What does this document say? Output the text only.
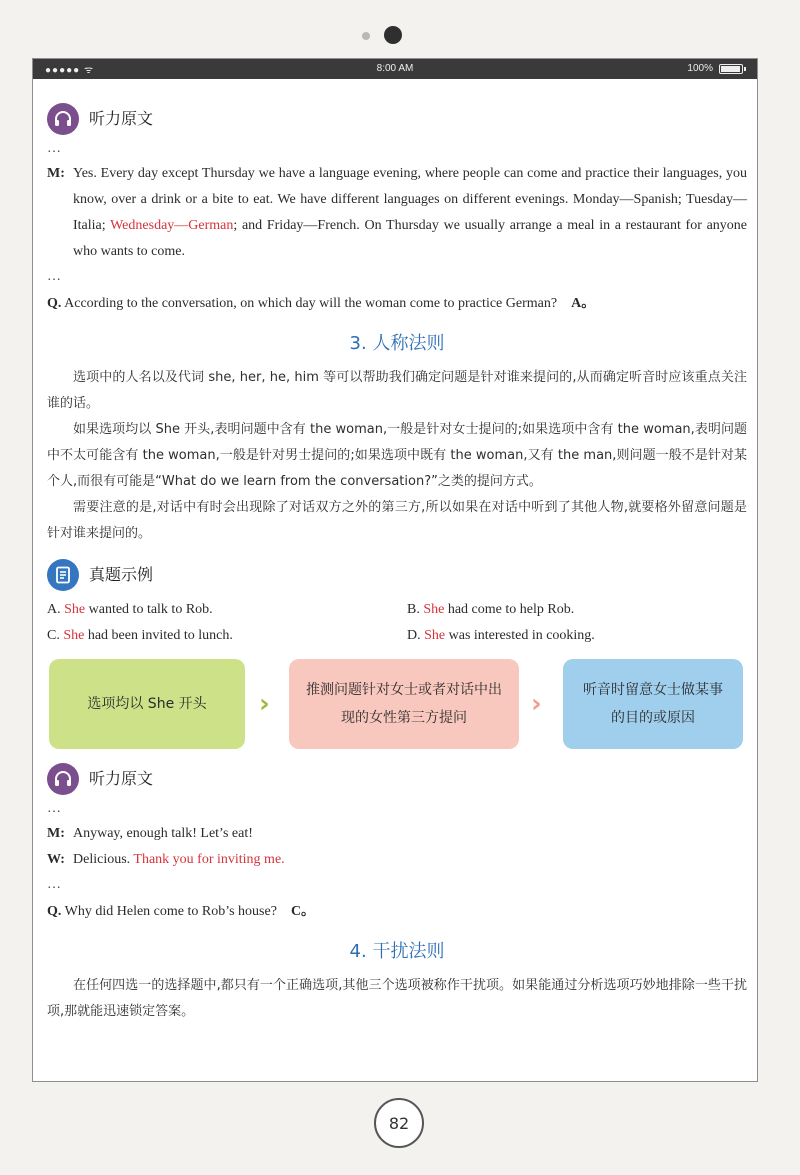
●●●●● ᯤ	8:00 AM	100%
听力原文
…
M: Yes. Every day except Thursday we have a language evening, where people can come and practice their languages, you know, over a drink or a bite to eat. We have different languages on different evenings. Monday—Spanish; Tuesday—Italia; Wednesday—German; and Friday—French. On Thursday we usually arrange a meal in a restaurant for anyone who wants to come.
…
Q. According to the conversation, on which day will the woman come to practice German? A。
3. 人称法则

选项中的人名以及代词 she, her, he, him 等可以帮助我们确定问题是针对谁来提问的,从而确定听音时应该重点关注谁的话。

如果选项均以 She 开头,表明问题中含有 the woman,一般是针对女士提问的;如果选项中含有 the woman,表明问题中不太可能含有 the woman,一般是针对男士提问的;如果选项中既有 the woman,又有 the man,则问题一般不是针对某个人,而很有可能是“What do we learn from the conversation?”之类的提问方式。

需要注意的是,对话中有时会出现除了对话双方之外的第三方,所以如果在对话中听到了其他人物,就要格外留意问题是针对谁来提问的。

真题示例
A. She wanted to talk to Rob.	B. She had come to help Rob.
C. She had been invited to lunch.	D. She was interested in cooking.
选项均以 She 开头	›	推测问题针对女士或者对话中出现的女性第三方提问	›	听音时留意女士做某事的目的或原因
听力原文
…
M: Anyway, enough talk! Let’s eat!
W: Delicious. Thank you for inviting me.
…
Q. Why did Helen come to Rob’s house? C。
4. 干扰法则

在任何四选一的选择题中,都只有一个正确选项,其他三个选项被称作干扰项。如果能通过分析选项巧妙地排除一些干扰项,那就能迅速锁定答案。

82
